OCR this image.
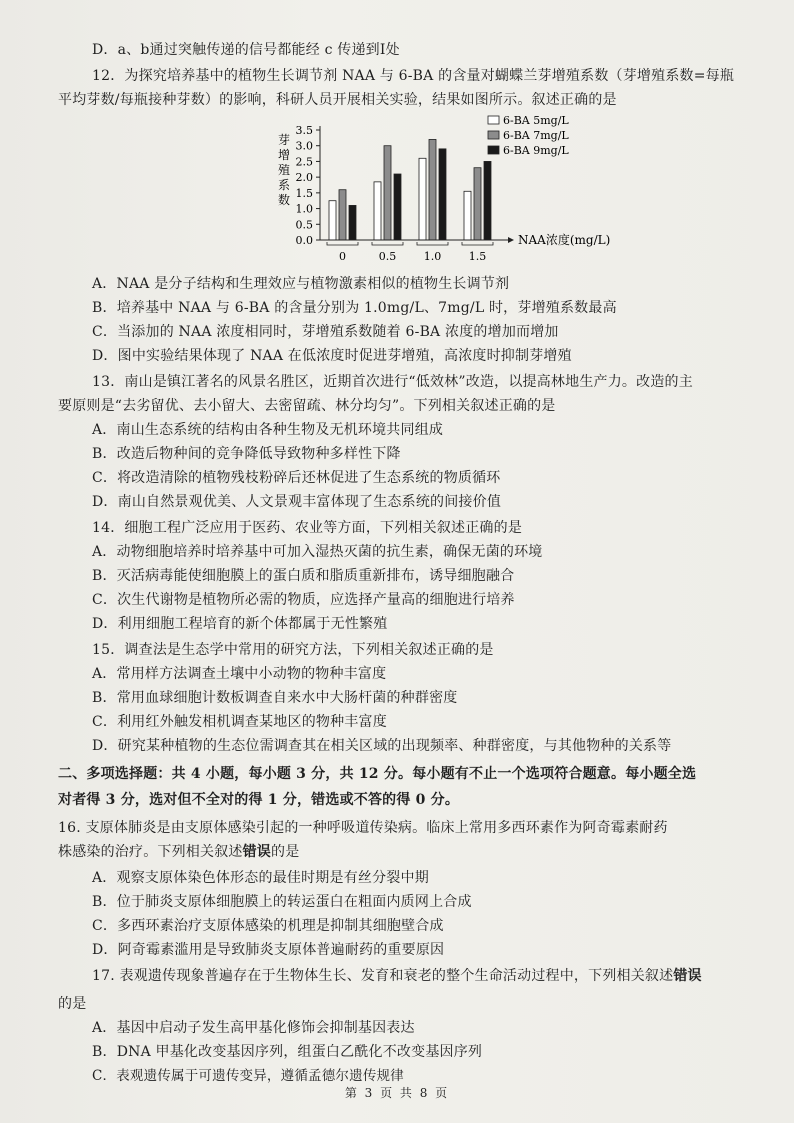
D．a、b通过突触传递的信号都能经 c 传递到Ⅰ处
12．为探究培养基中的植物生长调节剂 NAA 与 6-BA 的含量对蝴蝶兰芽增殖系数（芽增殖系数=每瓶
平均芽数/每瓶接种芽数）的影响，科研人员开展相关实验，结果如图所示。叙述正确的是
芽
增
殖
系
数
0.0
0.5
1.0
1.5
2.0
2.5
3.0
3.5
NAA浓度(mg/L)
0	0.5	1.0	1.5
6-BA 5mg/L
6-BA 7mg/L
6-BA 9mg/L
A．NAA 是分子结构和生理效应与植物激素相似的植物生长调节剂
B．培养基中 NAA 与 6-BA 的含量分别为 1.0mg/L、7mg/L 时，芽增殖系数最高
C．当添加的 NAA 浓度相同时，芽增殖系数随着 6-BA 浓度的增加而增加
D．图中实验结果体现了 NAA 在低浓度时促进芽增殖，高浓度时抑制芽增殖
13．南山是镇江著名的风景名胜区，近期首次进行“低效林”改造，以提高林地生产力。改造的主
要原则是“去劣留优、去小留大、去密留疏、林分均匀”。下列相关叙述正确的是
A．南山生态系统的结构由各种生物及无机环境共同组成
B．改造后物种间的竞争降低导致物种多样性下降
C．将改造清除的植物残枝粉碎后还林促进了生态系统的物质循环
D．南山自然景观优美、人文景观丰富体现了生态系统的间接价值
14．细胞工程广泛应用于医药、农业等方面，下列相关叙述正确的是
A．动物细胞培养时培养基中可加入湿热灭菌的抗生素，确保无菌的环境
B．灭活病毒能使细胞膜上的蛋白质和脂质重新排布，诱导细胞融合
C．次生代谢物是植物所必需的物质，应选择产量高的细胞进行培养
D．利用细胞工程培育的新个体都属于无性繁殖
15．调查法是生态学中常用的研究方法，下列相关叙述正确的是
A．常用样方法调查土壤中小动物的物种丰富度
B．常用血球细胞计数板调查自来水中大肠杆菌的种群密度
C．利用红外触发相机调查某地区的物种丰富度
D．研究某种植物的生态位需调查其在相关区域的出现频率、种群密度，与其他物种的关系等
二、多项选择题：共 4 小题，每小题 3 分，共 12 分。每小题有不止一个选项符合题意。每小题全选
对者得 3 分，选对但不全对的得 1 分，错选或不答的得 0 分。
16. 支原体肺炎是由支原体感染引起的一种呼吸道传染病。临床上常用多西环素作为阿奇霉素耐药
株感染的治疗。下列相关叙述错误的是
A．观察支原体染色体形态的最佳时期是有丝分裂中期
B．位于肺炎支原体细胞膜上的转运蛋白在粗面内质网上合成
C．多西环素治疗支原体感染的机理是抑制其细胞壁合成
D．阿奇霉素滥用是导致肺炎支原体普遍耐药的重要原因
17. 表观遗传现象普遍存在于生物体生长、发育和衰老的整个生命活动过程中，下列相关叙述错误
的是
A．基因中启动子发生高甲基化修饰会抑制基因表达
B．DNA 甲基化改变基因序列，组蛋白乙酰化不改变基因序列
C．表观遗传属于可遗传变异，遵循孟德尔遗传规律
第 3 页 共 8 页
